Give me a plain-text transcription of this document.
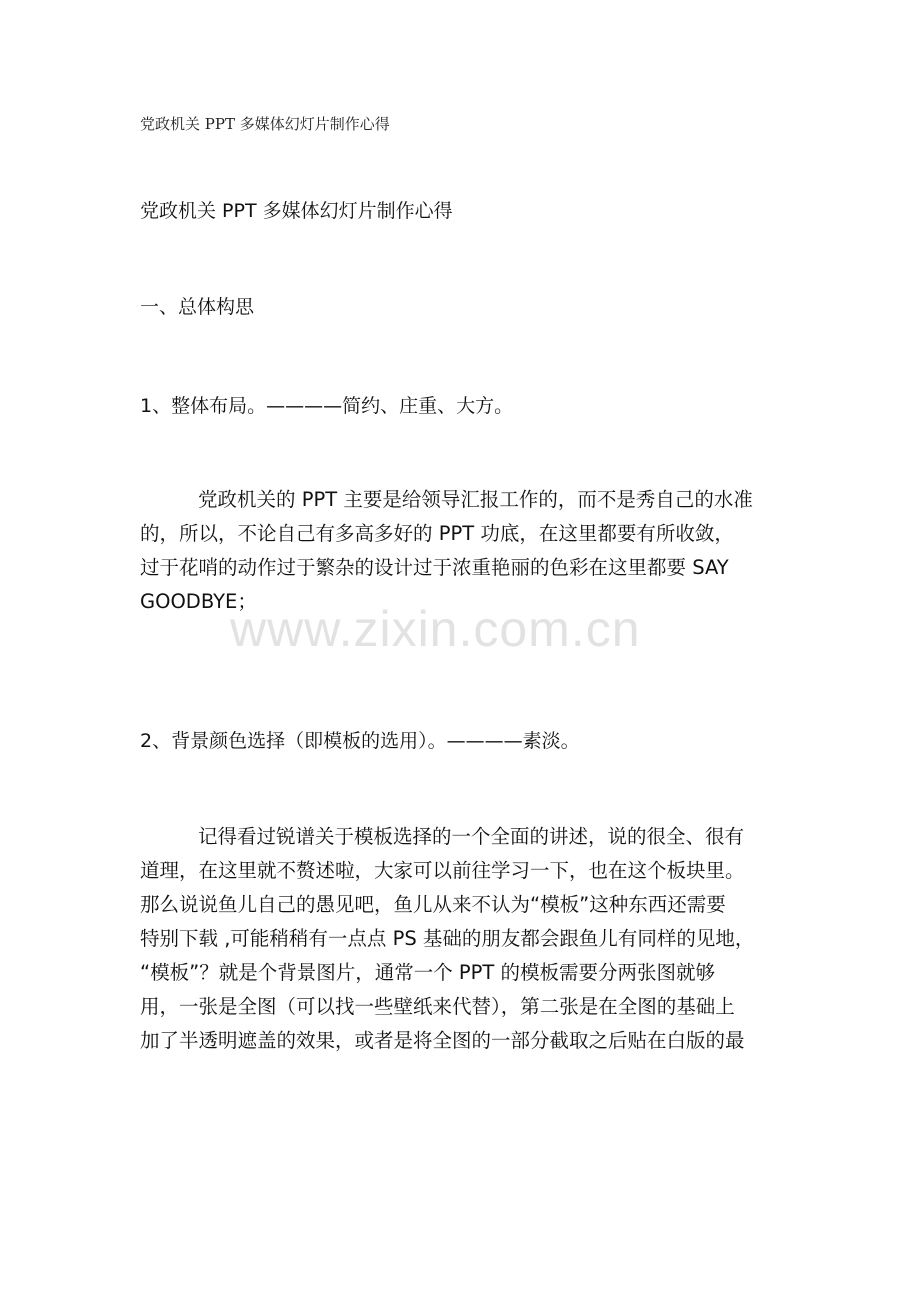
党政机关 PPT 多媒体幻灯片制作心得
党政机关 PPT 多媒体幻灯片制作心得
一、总体构思
1、整体布局。————简约、庄重、大方。

党政机关的 PPT 主要是给领导汇报工作的，而不是秀自己的水准

的，所以，不论自己有多高多好的 PPT 功底，在这里都要有所收敛，

过于花哨的动作过于繁杂的设计过于浓重艳丽的色彩在这里都要 SAY

GOODBYE；

2、背景颜色选择（即模板的选用）。————素淡。

记得看过锐谱关于模板选择的一个全面的讲述，说的很全、很有

道理，在这里就不赘述啦，大家可以前往学习一下，也在这个板块里。

那么说说鱼儿自己的愚见吧，鱼儿从来不认为“模板”这种东西还需要

特别下载 ,可能稍稍有一点点 PS 基础的朋友都会跟鱼儿有同样的见地，

“模板”？就是个背景图片，通常一个 PPT 的模板需要分两张图就够

用，一张是全图（可以找一些壁纸来代替），第二张是在全图的基础上

加了半透明遮盖的效果，或者是将全图的一部分截取之后贴在白版的最

www.zixin.com.cn
